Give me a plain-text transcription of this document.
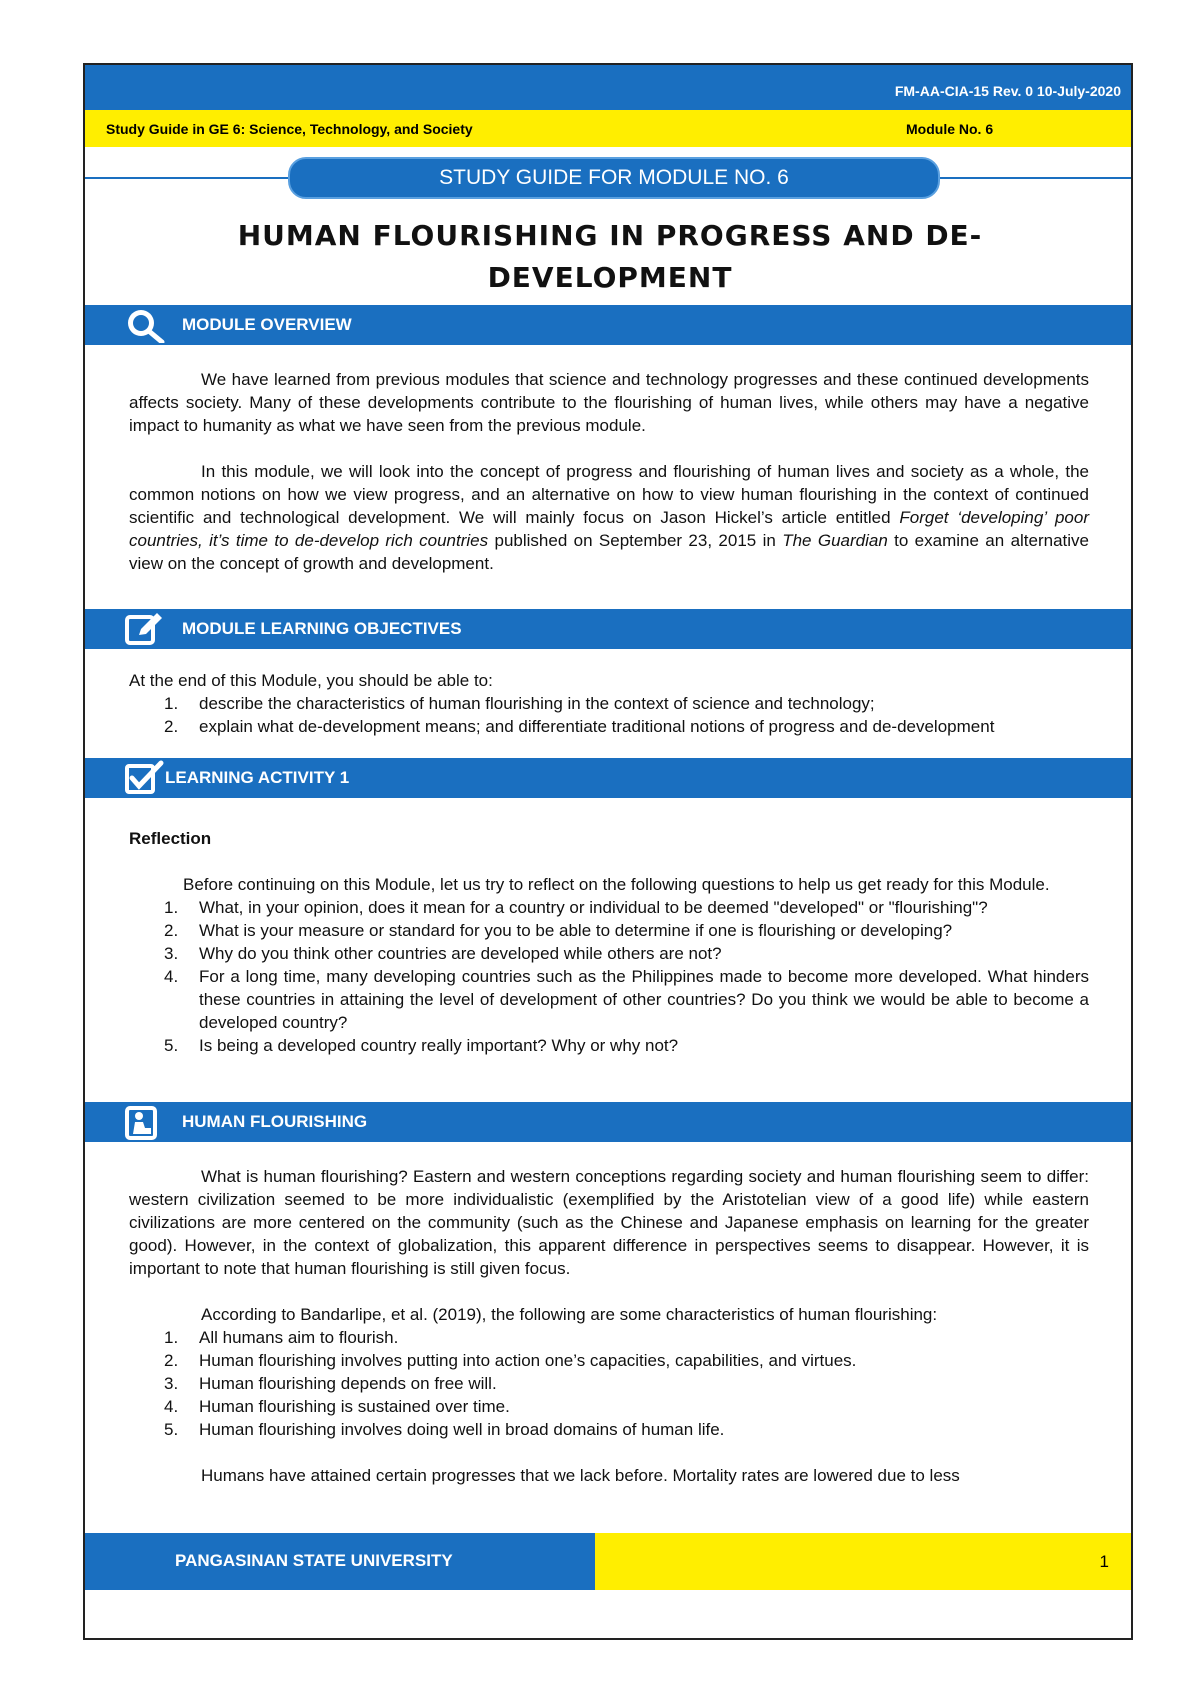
FM-AA-CIA-15 Rev. 0 10-July-2020
Study Guide in GE 6: Science, Technology, and Society	Module No. 6
STUDY GUIDE FOR MODULE NO. 6
HUMAN FLOURISHING IN PROGRESS AND DE-
DEVELOPMENT
MODULE OVERVIEW

We have learned from previous modules that science and technology progresses and these continued developments affects society. Many of these developments contribute to the flourishing of human lives, while others may have a negative impact to humanity as what we have seen from the previous module.

In this module, we will look into the concept of progress and flourishing of human lives and society as a whole, the common notions on how we view progress, and an alternative on how to view human flourishing in the context of continued scientific and technological development. We will mainly focus on Jason Hickel’s article entitled Forget ‘developing’ poor countries, it’s time to de-develop rich countries published on September 23, 2015 in The Guardian to examine an alternative view on the concept of growth and development.

MODULE LEARNING OBJECTIVES

At the end of this Module, you should be able to:

1. describe the characteristics of human flourishing in the context of science and technology;
2. explain what de-development means; and differentiate traditional notions of progress and de-development
LEARNING ACTIVITY 1

Reflection

Before continuing on this Module, let us try to reflect on the following questions to help us get ready for this Module.

1. What, in your opinion, does it mean for a country or individual to be deemed "developed" or "flourishing"?
2. What is your measure or standard for you to be able to determine if one is flourishing or developing?
3. Why do you think other countries are developed while others are not?
4. For a long time, many developing countries such as the Philippines made to become more developed. What hinders these countries in attaining the level of development of other countries? Do you think we would be able to become a developed country?
5. Is being a developed country really important? Why or why not?
HUMAN FLOURISHING

What is human flourishing? Eastern and western conceptions regarding society and human flourishing seem to differ: western civilization seemed to be more individualistic (exemplified by the Aristotelian view of a good life) while eastern civilizations are more centered on the community (such as the Chinese and Japanese emphasis on learning for the greater good). However, in the context of globalization, this apparent difference in perspectives seems to disappear. However, it is important to note that human flourishing is still given focus.

According to Bandarlipe, et al. (2019), the following are some characteristics of human flourishing:

1. All humans aim to flourish.
2. Human flourishing involves putting into action one’s capacities, capabilities, and virtues.
3. Human flourishing depends on free will.
4. Human flourishing is sustained over time.
5. Human flourishing involves doing well in broad domains of human life.

Humans have attained certain progresses that we lack before. Mortality rates are lowered due to less

PANGASINAN STATE UNIVERSITY	1
